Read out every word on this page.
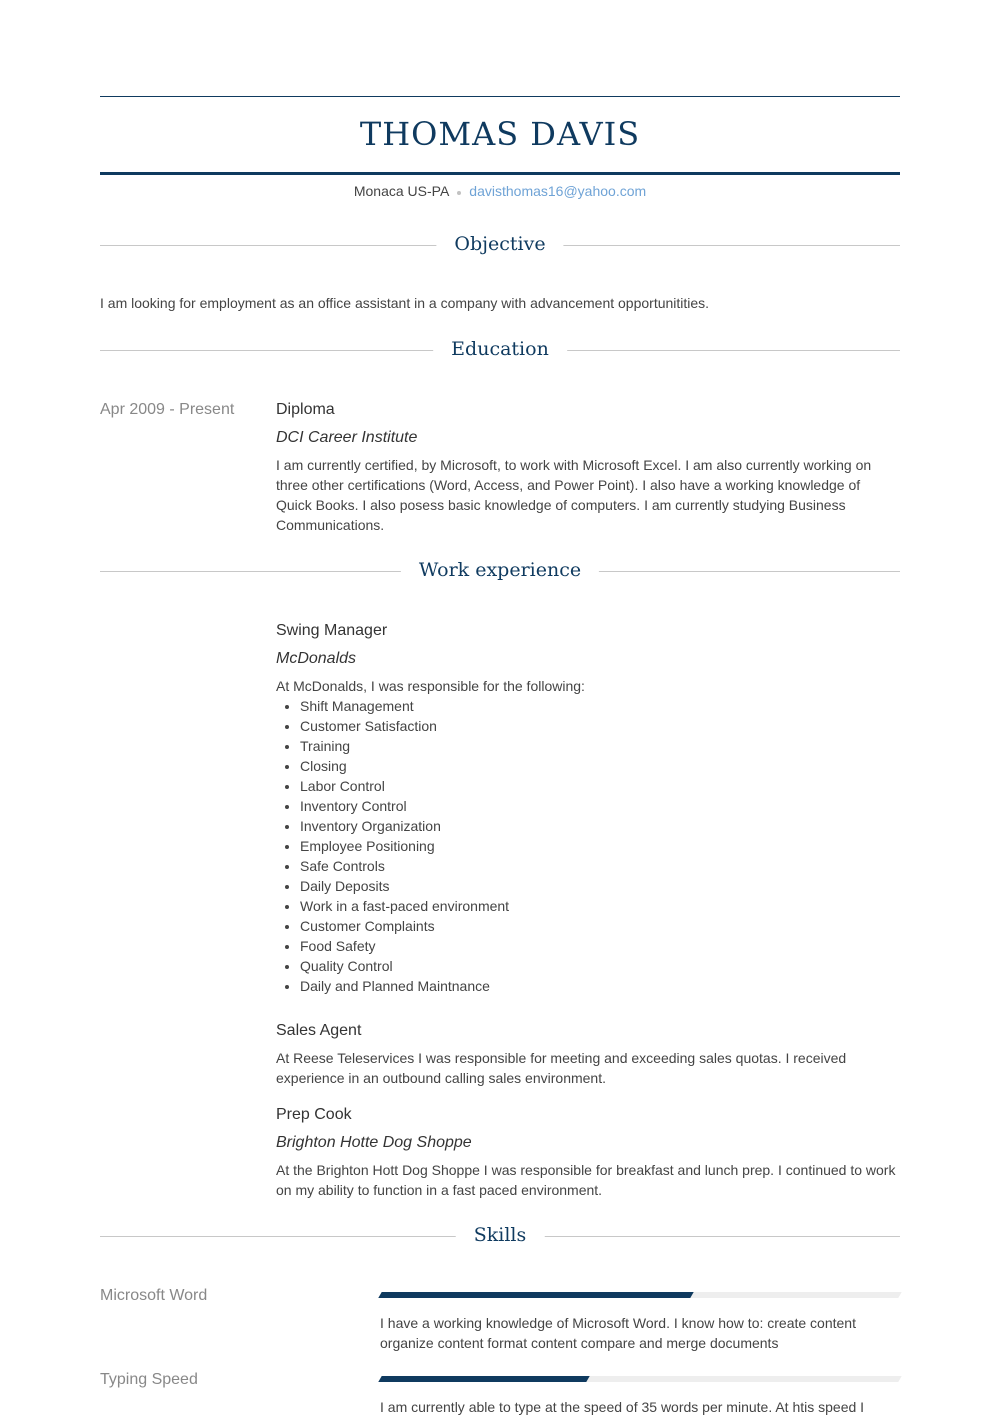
THOMAS DAVIS
Monaca US-PA davisthomas16@yahoo.com
Objective
I am looking for employment as an office assistant in a company with advancement opportunitities.
Education
Apr 2009 - Present	Diploma
DCI Career Institute
I am currently certified, by Microsoft, to work with Microsoft Excel. I am also currently working on three other certifications (Word, Access, and Power Point). I also have a working knowledge of Quick Books. I also posess basic knowledge of computers. I am currently studying Business Communications.
Work experience
Swing Manager
McDonalds
At McDonalds, I was responsible for the following:
• Shift Management
• Customer Satisfaction
• Training
• Closing
• Labor Control
• Inventory Control
• Inventory Organization
• Employee Positioning
• Safe Controls
• Daily Deposits
• Work in a fast-paced environment
• Customer Complaints
• Food Safety
• Quality Control
• Daily and Planned Maintnance
Sales Agent
At Reese Teleservices I was responsible for meeting and exceeding sales quotas. I received experience in an outbound calling sales environment.
Prep Cook
Brighton Hotte Dog Shoppe
At the Brighton Hott Dog Shoppe I was responsible for breakfast and lunch prep. I continued to work on my ability to function in a fast paced environment.
Skills
Microsoft Word
I have a working knowledge of Microsoft Word. I know how to: create content organize content format content compare and merge documents
Typing Speed
I am currently able to type at the speed of 35 words per minute. At htis speed I
